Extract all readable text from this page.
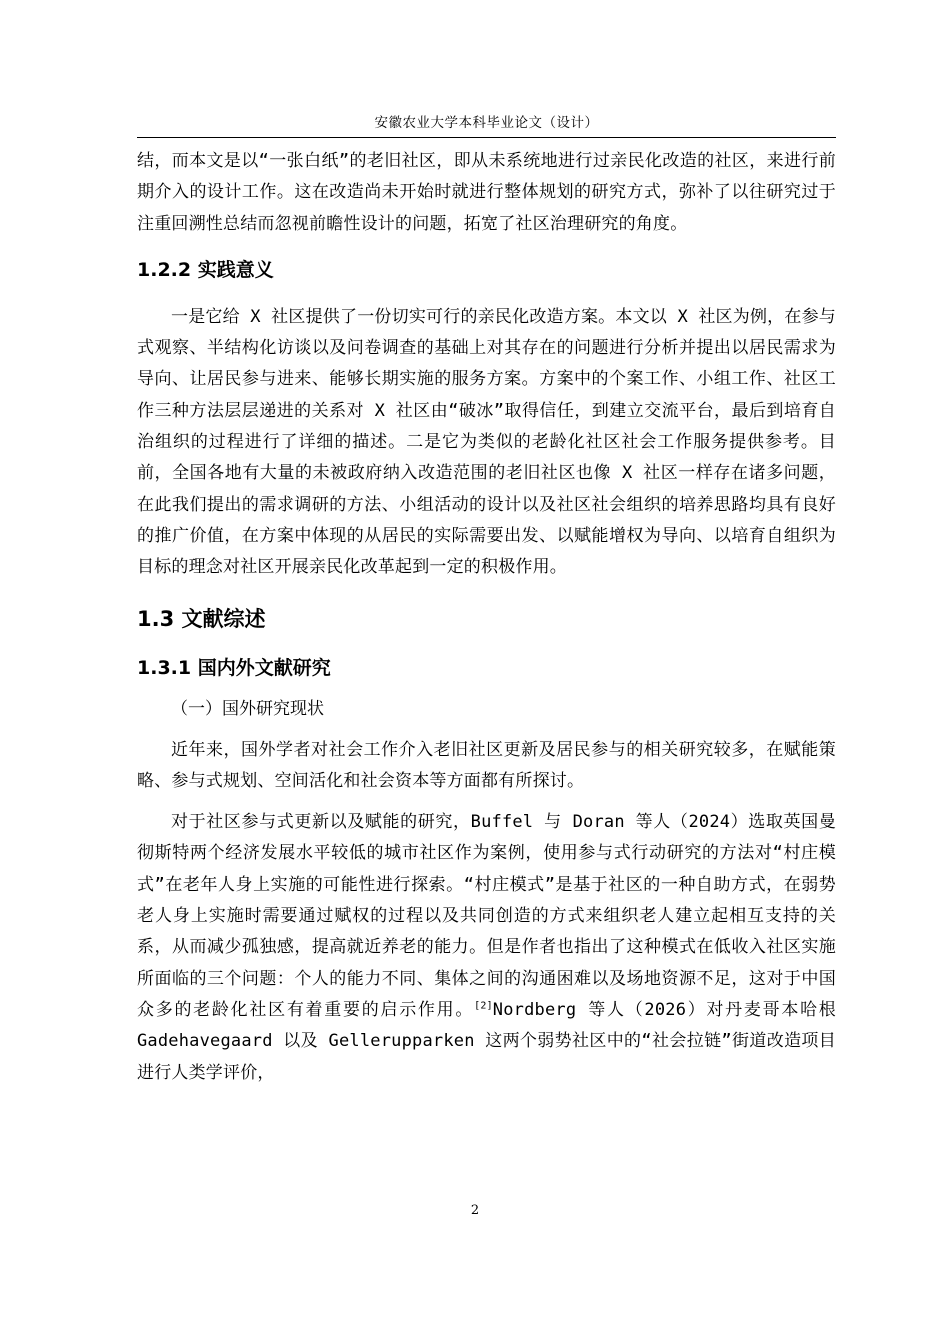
安徽农业大学本科毕业论文（设计）

结，而本文是以“一张白纸”的老旧社区，即从未系统地进行过亲民化改造的社区，来进行前期介入的设计工作。这在改造尚未开始时就进行整体规划的研究方式，弥补了以往研究过于注重回溯性总结而忽视前瞻性设计的问题，拓宽了社区治理研究的角度。

1.2.2 实践意义

一是它给 X 社区提供了一份切实可行的亲民化改造方案。本文以 X 社区为例，在参与式观察、半结构化访谈以及问卷调查的基础上对其存在的问题进行分析并提出以居民需求为导向、让居民参与进来、能够长期实施的服务方案。方案中的个案工作、小组工作、社区工作三种方法层层递进的关系对 X 社区由“破冰”取得信任，到建立交流平台，最后到培育自治组织的过程进行了详细的描述。二是它为类似的老龄化社区社会工作服务提供参考。目前，全国各地有大量的未被政府纳入改造范围的老旧社区也像 X 社区一样存在诸多问题，在此我们提出的需求调研的方法、小组活动的设计以及社区社会组织的培养思路均具有良好的推广价值，在方案中体现的从居民的实际需要出发、以赋能增权为导向、以培育自组织为目标的理念对社区开展亲民化改革起到一定的积极作用。

1.3 文献综述

1.3.1 国内外文献研究

（一）国外研究现状

近年来，国外学者对社会工作介入老旧社区更新及居民参与的相关研究较多，在赋能策略、参与式规划、空间活化和社会资本等方面都有所探讨。

对于社区参与式更新以及赋能的研究，Buffel 与 Doran 等人（2024）选取英国曼彻斯特两个经济发展水平较低的城市社区作为案例，使用参与式行动研究的方法对“村庄模式”在老年人身上实施的可能性进行探索。“村庄模式”是基于社区的一种自助方式，在弱势老人身上实施时需要通过赋权的过程以及共同创造的方式来组织老人建立起相互支持的关系，从而减少孤独感，提高就近养老的能力。但是作者也指出了这种模式在低收入社区实施所面临的三个问题：个人的能力不同、集体之间的沟通困难以及场地资源不足，这对于中国众多的老龄化社区有着重要的启示作用。[2]Nordberg 等人（2026）对丹麦哥本哈根 Gadehavegaard 以及 Gellerupparken 这两个弱势社区中的“社会拉链”街道改造项目进行人类学评价，

2
